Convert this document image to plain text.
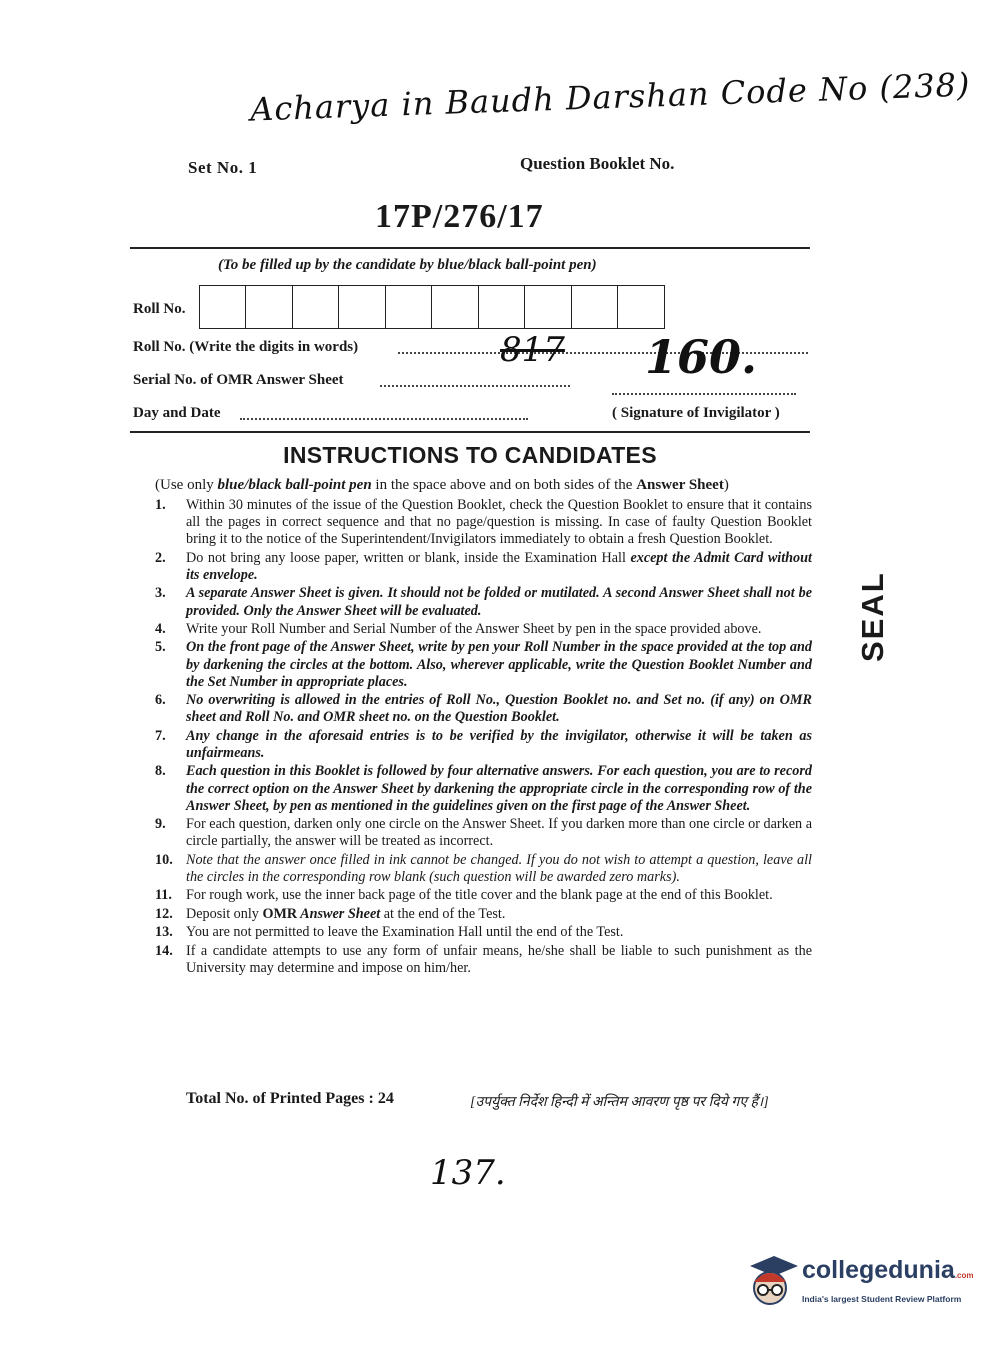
Acharya in Baudh Darshan Code No (238)
Set No. 1	Question Booklet No.
17P/276/17
(To be filled up by the candidate by blue/black ball-point pen)
Roll No.
Roll No. (Write the digits in words)	817 160.
Serial No. of OMR Answer Sheet
Day and Date	( Signature of Invigilator )
INSTRUCTIONS TO CANDIDATES
(Use only blue/black ball-point pen in the space above and on both sides of the Answer Sheet)
1.	Within 30 minutes of the issue of the Question Booklet, check the Question Booklet to ensure that it contains all the pages in correct sequence and that no page/question is missing. In case of faulty Question Booklet bring it to the notice of the Superintendent/Invigilators immediately to obtain a fresh Question Booklet.
2.	Do not bring any loose paper, written or blank, inside the Examination Hall except the Admit Card without its envelope.
3.	A separate Answer Sheet is given. It should not be folded or mutilated. A second Answer Sheet shall not be provided. Only the Answer Sheet will be evaluated.
4.	Write your Roll Number and Serial Number of the Answer Sheet by pen in the space provided above.
5.	On the front page of the Answer Sheet, write by pen your Roll Number in the space provided at the top and by darkening the circles at the bottom. Also, wherever applicable, write the Question Booklet Number and the Set Number in appropriate places.
6.	No overwriting is allowed in the entries of Roll No., Question Booklet no. and Set no. (if any) on OMR sheet and Roll No. and OMR sheet no. on the Question Booklet.
7.	Any change in the aforesaid entries is to be verified by the invigilator, otherwise it will be taken as unfairmeans.
8.	Each question in this Booklet is followed by four alternative answers. For each question, you are to record the correct option on the Answer Sheet by darkening the appropriate circle in the corresponding row of the Answer Sheet, by pen as mentioned in the guidelines given on the first page of the Answer Sheet.
9.	For each question, darken only one circle on the Answer Sheet. If you darken more than one circle or darken a circle partially, the answer will be treated as incorrect.
10. Note that the answer once filled in ink cannot be changed. If you do not wish to attempt a question, leave all the circles in the corresponding row blank (such question will be awarded zero marks).
11. For rough work, use the inner back page of the title cover and the blank page at the end of this Booklet.
12. Deposit only OMR Answer Sheet at the end of the Test.
13. You are not permitted to leave the Examination Hall until the end of the Test.
14. If a candidate attempts to use any form of unfair means, he/she shall be liable to such punishment as the University may determine and impose on him/her.
SEAL
Total No. of Printed Pages : 24	[उपर्युक्त निर्देश हिन्दी में अन्तिम आवरण पृष्ठ पर दिये गए हैं।]
137.
collegedunia.com
India's largest Student Review Platform
